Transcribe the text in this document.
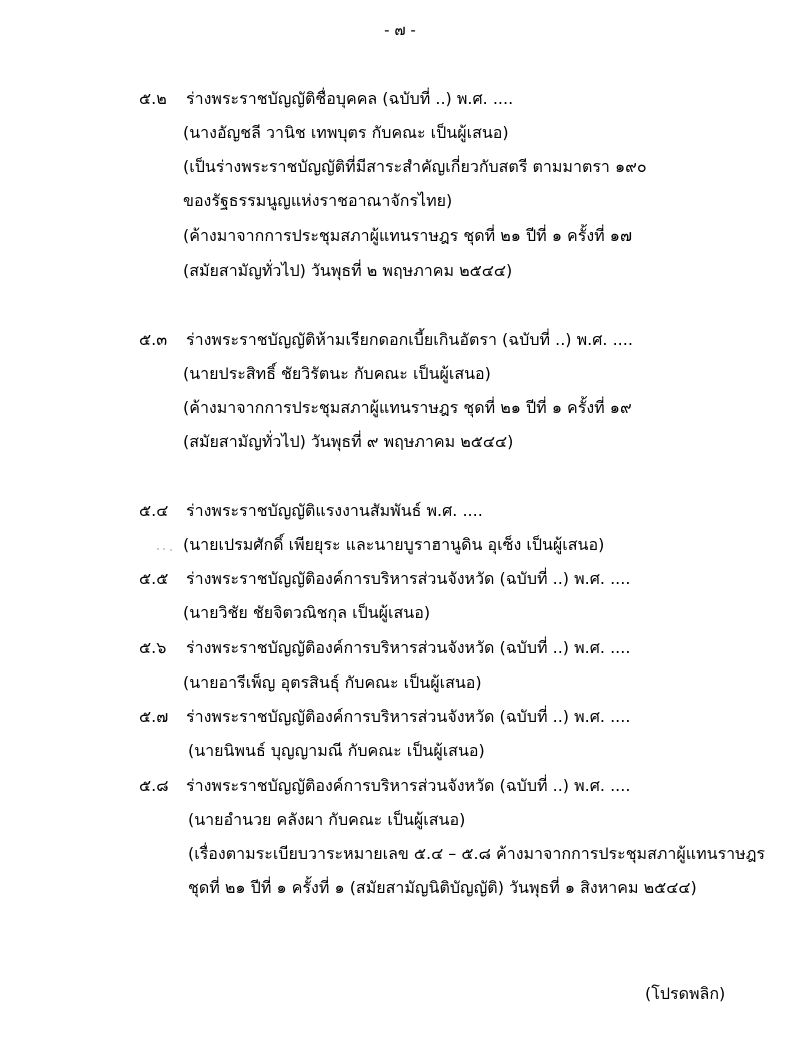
- ๗ -
๕.๒ ร่างพระราชบัญญัติชื่อบุคคล (ฉบับที่ ..) พ.ศ. ....
(นางอัญชลี วานิช เทพบุตร กับคณะ เป็นผู้เสนอ)
(เป็นร่างพระราชบัญญัติที่มีสาระสำคัญเกี่ยวกับสตรี ตามมาตรา ๑๙๐
ของรัฐธรรมนูญแห่งราชอาณาจักรไทย)
(ค้างมาจากการประชุมสภาผู้แทนราษฎร ชุดที่ ๒๑ ปีที่ ๑ ครั้งที่ ๑๗
(สมัยสามัญทั่วไป) วันพุธที่ ๒ พฤษภาคม ๒๕๔๔)
๕.๓ ร่างพระราชบัญญัติห้ามเรียกดอกเบี้ยเกินอัตรา (ฉบับที่ ..) พ.ศ. ....
(นายประสิทธิ์ ชัยวิรัตนะ กับคณะ เป็นผู้เสนอ)
(ค้างมาจากการประชุมสภาผู้แทนราษฎร ชุดที่ ๒๑ ปีที่ ๑ ครั้งที่ ๑๙
(สมัยสามัญทั่วไป) วันพุธที่ ๙ พฤษภาคม ๒๕๔๔)
๕.๔ ร่างพระราชบัญญัติแรงงานสัมพันธ์ พ.ศ. ....
(นายเปรมศักดิ์ เพียยุระ และนายบูราฮานูดิน อุเซ็ง เป็นผู้เสนอ)
๕.๕ ร่างพระราชบัญญัติองค์การบริหารส่วนจังหวัด (ฉบับที่ ..) พ.ศ. ....
(นายวิชัย ชัยจิตวณิชกุล เป็นผู้เสนอ)
๕.๖ ร่างพระราชบัญญัติองค์การบริหารส่วนจังหวัด (ฉบับที่ ..) พ.ศ. ....
(นายอารีเพ็ญ อุตรสินธุ์ กับคณะ เป็นผู้เสนอ)
๕.๗ ร่างพระราชบัญญัติองค์การบริหารส่วนจังหวัด (ฉบับที่ ..) พ.ศ. ....
(นายนิพนธ์ บุญญามณี กับคณะ เป็นผู้เสนอ)
๕.๘ ร่างพระราชบัญญัติองค์การบริหารส่วนจังหวัด (ฉบับที่ ..) พ.ศ. ....
(นายอำนวย คลังผา กับคณะ เป็นผู้เสนอ)
(เรื่องตามระเบียบวาระหมายเลข ๕.๔ – ๕.๘ ค้างมาจากการประชุมสภาผู้แทนราษฎร
ชุดที่ ๒๑ ปีที่ ๑ ครั้งที่ ๑ (สมัยสามัญนิติบัญญัติ) วันพุธที่ ๑ สิงหาคม ๒๕๔๔)
(โปรดพลิก)
